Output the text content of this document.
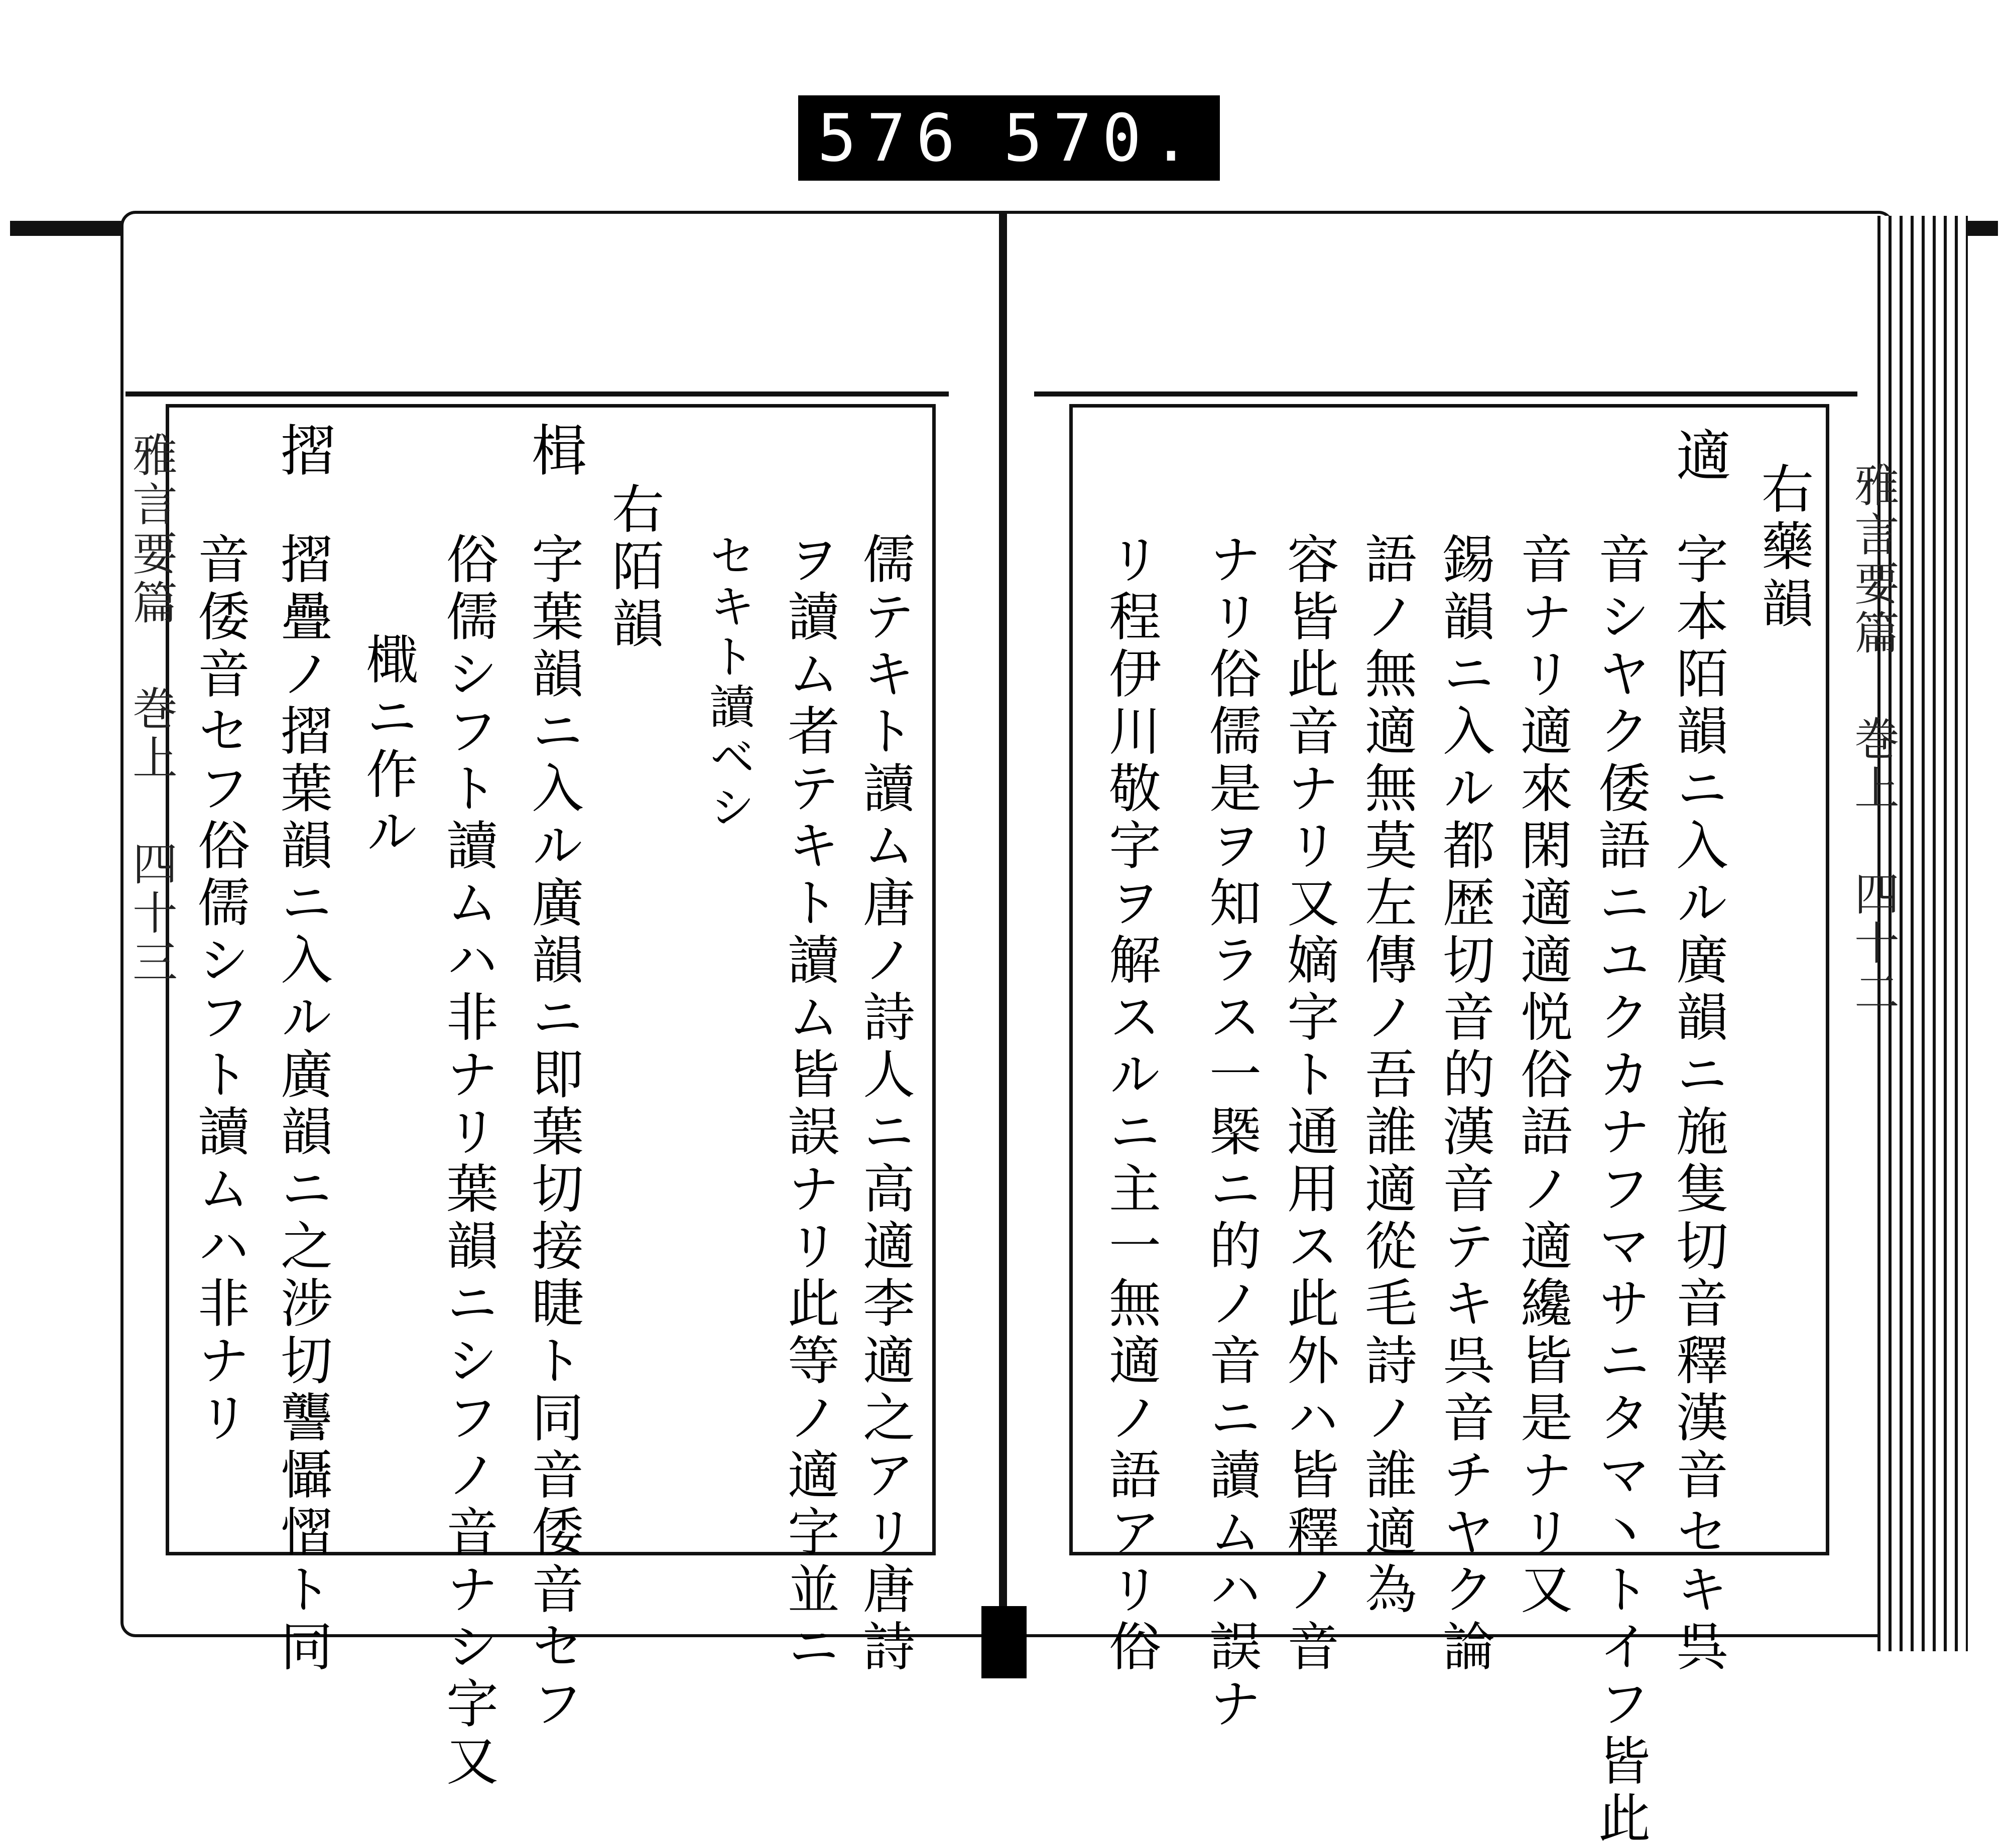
576 570.
雅言要篇 巻上 四十二
適
右藥韻
字本陌韻ニ入ル廣韻ニ施隻切音釋漢音セキ呉
音シヤク倭語ニユクカナフマサニタマ丶トイフ皆此
音ナリ適來閑適適悦俗語ノ適纔皆是ナリ又
錫韻ニ入ル都歴切音的漢音テキ呉音チヤク論
語ノ無適無莫左傳ノ吾誰適從毛詩ノ誰適為
容皆此音ナリ又嫡字ト通用ス此外ハ皆釋ノ音
ナリ俗儒是ヲ知ラス一槩ニ的ノ音ニ讀ムハ誤ナ
リ程伊川敬字ヲ解スルニ主一無適ノ語アリ俗
雅言要篇 巻上 四十三	儒テキト讀ム唐ノ詩人ニ高適李適之アリ唐詩
ヲ讀ム者テキト讀ム皆誤ナリ此等ノ適字並ニ
セキト讀ベシ
右陌韻
楫
字葉韻ニ入ル廣韻ニ即葉切接睫ト同音倭音セフ
俗儒シフト讀ムハ非ナリ葉韻ニシフノ音ナシ字又
檝ニ作ル
摺
摺疊ノ摺葉韻ニ入ル廣韻ニ之涉切讋懾慴ト同
音倭音セフ俗儒シフト讀ムハ非ナリ
